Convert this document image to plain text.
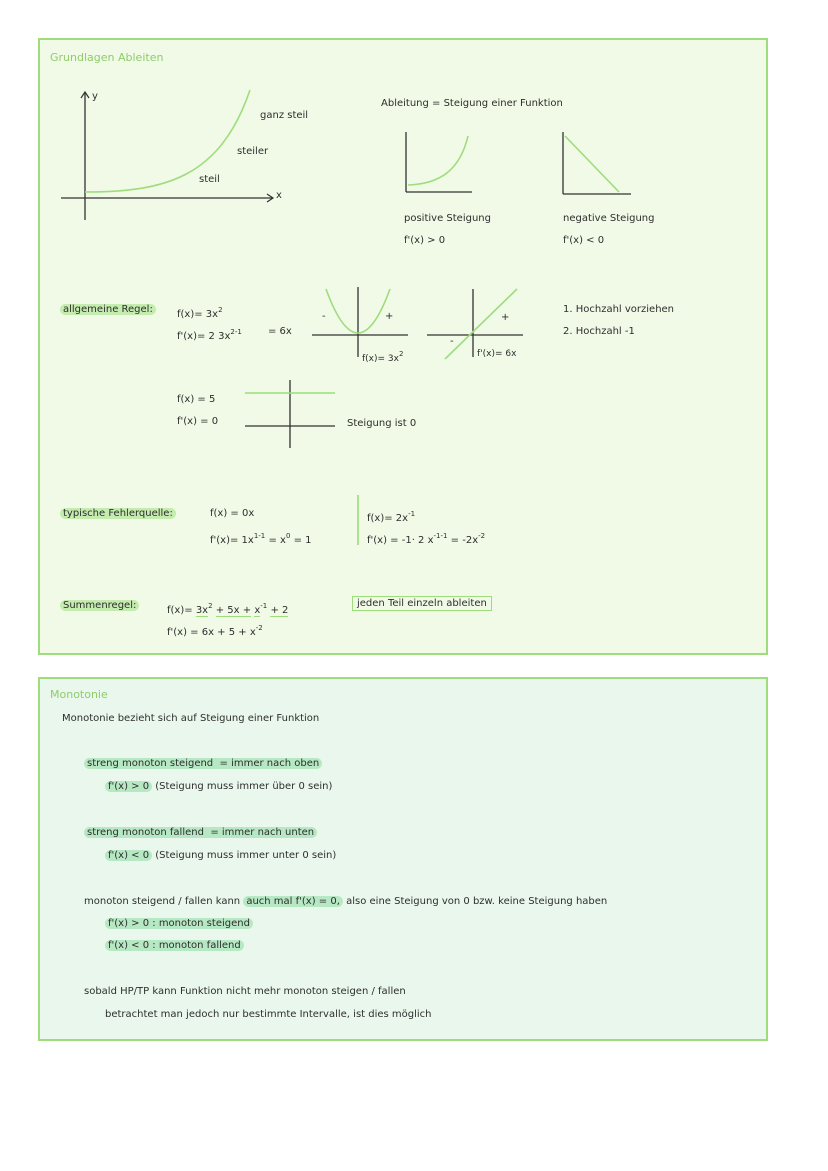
Grundlagen Ableiten
y
x
ganz steil
steiler
steil
Ableitung = Steigung einer Funktion
positive Steigung
f'(x) > 0
negative Steigung
f'(x) < 0
allgemeine Regel:	$f(x)= 3x^2$
f'(x)= 2 $3x^{2-1}$	= 6x
-	+
$f(x)= 3x^2$
-
+
f'(x)= 6x
1. Hochzahl vorziehen
2. Hochzahl -1
f(x) = 5
f'(x) = 0	Steigung ist 0
typische Fehlerquelle:	f(x) = 0x
$f'(x)= 1x^{1-1} = x^0 = 1$
$f(x)= 2x^{-1}$
f'(x) = -1· 2 $x^{-1-1} = -2x^{-2}$
Summenregel:	$f(x)= 3x^2 + 5x + x^{-1} + 2$
$f'(x) = 6x + 5 + x^{-2}$
jeden Teil einzeln ableiten
Monotonie
Monotonie bezieht sich auf Steigung einer Funktion
streng monoton steigend = immer nach oben
f'(x) > 0 (Steigung muss immer über 0 sein)
streng monoton fallend = immer nach unten
f'(x) < 0 (Steigung muss immer unter 0 sein)
monoton steigend / fallen kann auch mal f'(x) = 0, also eine Steigung von 0 bzw. keine Steigung haben
f'(x) > 0 : monoton steigend
f'(x) < 0 : monoton fallend
sobald HP/TP kann Funktion nicht mehr monoton steigen / fallen
betrachtet man jedoch nur bestimmte Intervalle, ist dies möglich
